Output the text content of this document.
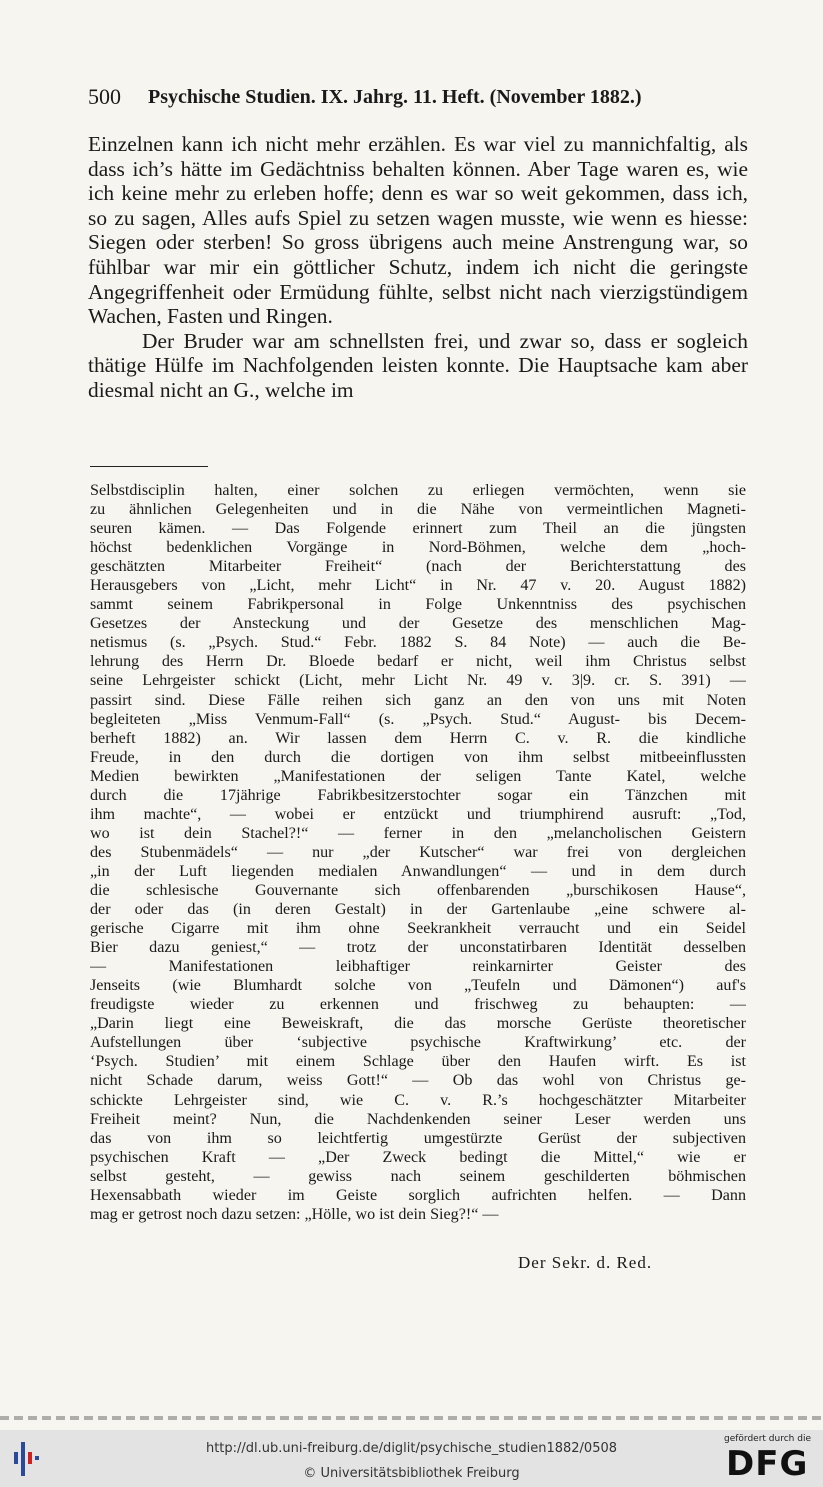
500 Psychische Studien. IX. Jahrg. 11. Heft. (November 1882.)

Einzelnen kann ich nicht mehr erzählen. Es war viel zu mannichfaltig, als dass ich’s hätte im Gedächtniss behalten können. Aber Tage waren es, wie ich keine mehr zu erleben hoffe; denn es war so weit gekommen, dass ich, so zu sagen, Alles aufs Spiel zu setzen wagen musste, wie wenn es hiesse: Siegen oder sterben! So gross übrigens auch meine Anstrengung war, so fühlbar war mir ein göttlicher Schutz, indem ich nicht die geringste Angegriffenheit oder Ermüdung fühlte, selbst nicht nach vierzigstündigem Wachen, Fasten und Ringen.

Der Bruder war am schnellsten frei, und zwar so, dass er sogleich thätige Hülfe im Nachfolgenden leisten konnte. Die Hauptsache kam aber diesmal nicht an G., welche im

Selbstdisciplin halten, einer solchen zu erliegen vermöchten, wenn sie
zu ähnlichen Gelegenheiten und in die Nähe von vermeintlichen Magneti-
seuren kämen. — Das Folgende erinnert zum Theil an die jüngsten
höchst bedenklichen Vorgänge in Nord-Böhmen, welche dem „hoch-
geschätzten Mitarbeiter Freiheit“ (nach der Berichterstattung des
Herausgebers von „Licht, mehr Licht“ in Nr. 47 v. 20. August 1882)
sammt seinem Fabrikpersonal in Folge Unkenntniss des psychischen
Gesetzes der Ansteckung und der Gesetze des menschlichen Mag-
netismus (s. „Psych. Stud.“ Febr. 1882 S. 84 Note) — auch die Be-
lehrung des Herrn Dr. Bloede bedarf er nicht, weil ihm Christus selbst
seine Lehrgeister schickt (Licht, mehr Licht Nr. 49 v. 3|9. cr. S. 391) —
passirt sind. Diese Fälle reihen sich ganz an den von uns mit Noten
begleiteten „Miss Venmum-Fall“ (s. „Psych. Stud.“ August- bis Decem-
berheft 1882) an. Wir lassen dem Herrn C. v. R. die kindliche
Freude, in den durch die dortigen von ihm selbst mitbeeinflussten
Medien bewirkten „Manifestationen der seligen Tante Katel, welche
durch die 17jährige Fabrikbesitzerstochter sogar ein Tänzchen mit
ihm machte“, — wobei er entzückt und triumphirend ausruft: „Tod,
wo ist dein Stachel?!“ — ferner in den „melancholischen Geistern
des Stubenmädels“ — nur „der Kutscher“ war frei von dergleichen
„in der Luft liegenden medialen Anwandlungen“ — und in dem durch
die schlesische Gouvernante sich offenbarenden „burschikosen Hause“,
der oder das (in deren Gestalt) in der Gartenlaube „eine schwere al-
gerische Cigarre mit ihm ohne Seekrankheit verraucht und ein Seidel
Bier dazu geniest,“ — trotz der unconstatirbaren Identität desselben
— Manifestationen leibhaftiger reinkarnirter Geister des
Jenseits (wie Blumhardt solche von „Teufeln und Dämonen“) auf's
freudigste wieder zu erkennen und frischweg zu behaupten: —
„Darin liegt eine Beweiskraft, die das morsche Gerüste theoretischer
Aufstellungen über ‘subjective psychische Kraftwirkung’ etc. der
‘Psych. Studien’ mit einem Schlage über den Haufen wirft. Es ist
nicht Schade darum, weiss Gott!“ — Ob das wohl von Christus ge-
schickte Lehrgeister sind, wie C. v. R.’s hochgeschätzter Mitarbeiter
Freiheit meint? Nun, die Nachdenkenden seiner Leser werden uns
das von ihm so leichtfertig umgestürzte Gerüst der subjectiven
psychischen Kraft — „Der Zweck bedingt die Mittel,“ wie er
selbst gesteht, — gewiss nach seinem geschilderten böhmischen
Hexensabbath wieder im Geiste sorglich aufrichten helfen. — Dann
mag er getrost noch dazu setzen: „Hölle, wo ist dein Sieg?!“ —
Der Sekr. d. Red.
http://dl.ub.uni-freiburg.de/diglit/psychische_studien1882/0508
© Universitätsbibliothek Freiburg
gefördert durch die
DFG
